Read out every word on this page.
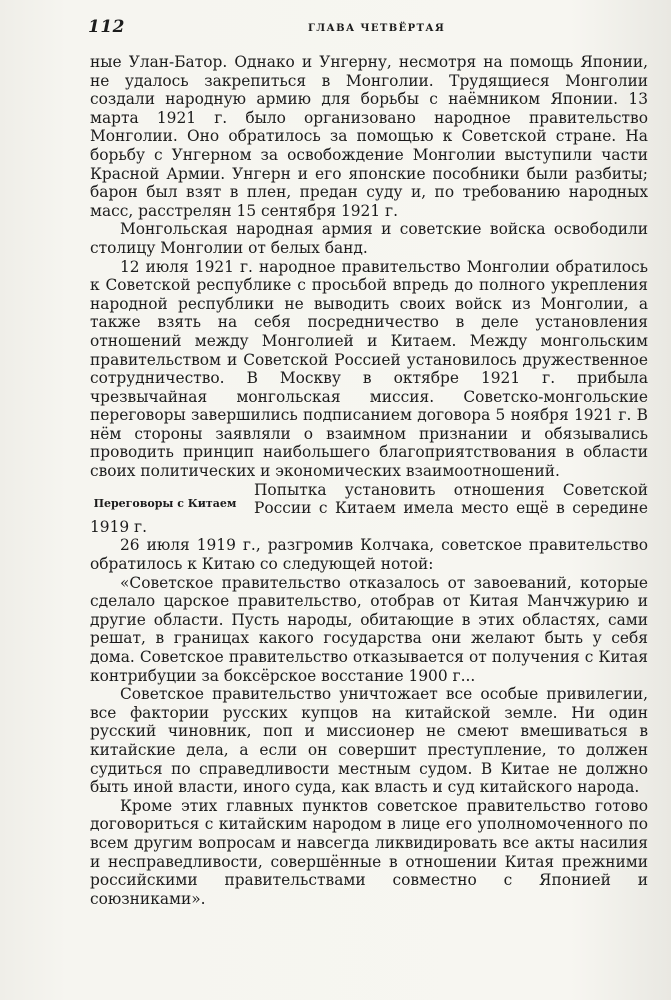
112	ГЛАВА ЧЕТВЁРТАЯ

ные Улан-Батор. Однако и Унгерну, несмотря на помощь Японии, не удалось закрепиться в Монголии. Трудящиеся Монголии создали народную армию для борьбы с наёмником Японии. 13 марта 1921 г. было организовано народное правительство Монголии. Оно обратилось за помощью к Советской стране. На борьбу с Унгерном за освобождение Монголии выступили части Красной Армии. Унгерн и его японские пособники были разбиты; барон был взят в плен, предан суду и, по требованию народных масс, расстрелян 15 сентября 1921 г.

Монгольская народная армия и советские войска освободили столицу Монголии от белых банд.

12 июля 1921 г. народное правительство Монголии обратилось к Советской республике с просьбой впредь до полного укрепления народной республики не выводить своих войск из Монголии, а также взять на себя посредничество в деле установления отношений между Монголией и Китаем. Между монгольским правительством и Советской Россией установилось дружественное сотрудничество. В Москву в октябре 1921 г. прибыла чрезвычайная монгольская миссия. Советско-монгольские переговоры завершились подписанием договора 5 ноября 1921 г. В нём стороны заявляли о взаимном признании и обязывались проводить принцип наибольшего благоприятствования в области своих политических и экономических взаимоотношений.

Переговоры с Китаем

Попытка установить отношения Советской России с Китаем имела место ещё в середине 1919 г.

26 июля 1919 г., разгромив Колчака, советское правительство обратилось к Китаю со следующей нотой:

«Советское правительство отказалось от завоеваний, которые сделало царское правительство, отобрав от Китая Манчжурию и другие области. Пусть народы, обитающие в этих областях, сами решат, в границах какого государства они желают быть у себя дома. Советское правительство отказывается от получения с Китая контрибуции за боксёрское восстание 1900 г...

Советское правительство уничтожает все особые привилегии, все фактории русских купцов на китайской земле. Ни один русский чиновник, поп и миссионер не смеют вмешиваться в китайские дела, а если он совершит преступление, то должен судиться по справедливости местным судом. В Китае не должно быть иной власти, иного суда, как власть и суд китайского народа.

Кроме этих главных пунктов советское правительство готово договориться с китайским народом в лице его уполномоченного по всем другим вопросам и навсегда ликвидировать все акты насилия и несправедливости, совершённые в отношении Китая прежними российскими правительствами совместно с Японией и союзниками».
